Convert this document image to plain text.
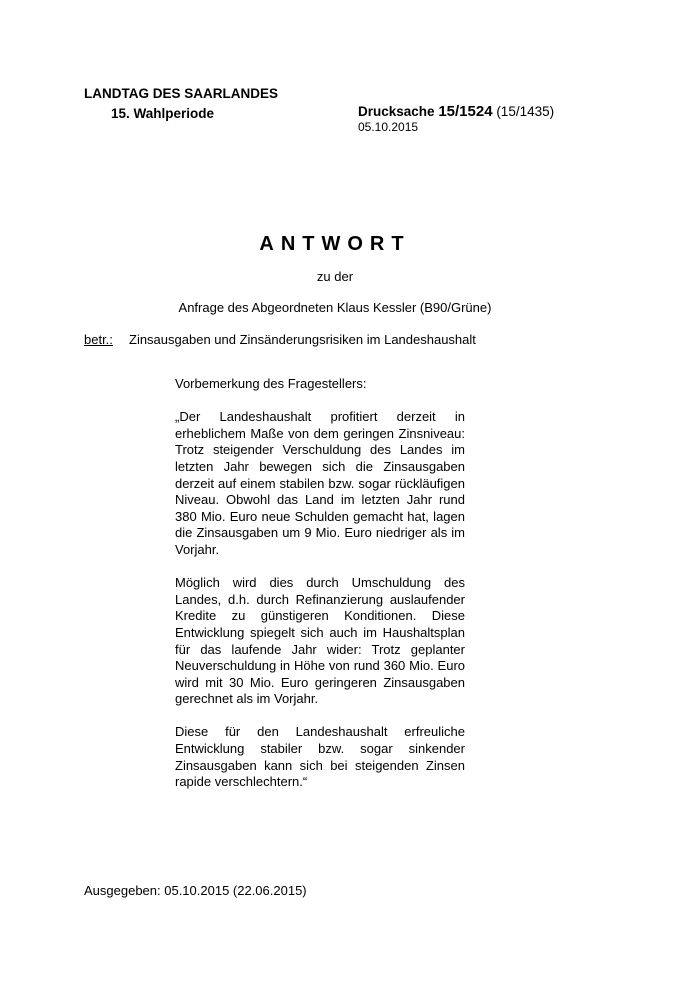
LANDTAG DES SAARLANDES
15. Wahlperiode	Drucksache 15/1524 (15/1435)
05.10.2015
ANTWORT
zu der
Anfrage des Abgeordneten Klaus Kessler (B90/Grüne)
betr.: Zinsausgaben und Zinsänderungsrisiken im Landeshaushalt

Vorbemerkung des Fragestellers:

„Der Landeshaushalt profitiert derzeit in erheblichem Maße von dem geringen Zinsniveau: Trotz steigender Verschuldung des Landes im letzten Jahr bewegen sich die Zinsausgaben derzeit auf einem stabilen bzw. sogar rückläufigen Niveau. Obwohl das Land im letzten Jahr rund 380 Mio. Euro neue Schulden gemacht hat, lagen die Zinsausgaben um 9 Mio. Euro niedriger als im Vorjahr.

Möglich wird dies durch Umschuldung des Landes, d.h. durch Refinanzierung auslaufender Kredite zu günstigeren Konditionen. Diese Entwicklung spiegelt sich auch im Haushaltsplan für das laufende Jahr wider: Trotz geplanter Neuverschuldung in Höhe von rund 360 Mio. Euro wird mit 30 Mio. Euro geringeren Zinsausgaben gerechnet als im Vorjahr.

Diese für den Landeshaushalt erfreuliche Entwicklung stabiler bzw. sogar sinkender Zinsausgaben kann sich bei steigenden Zinsen rapide verschlechtern.“

Ausgegeben: 05.10.2015 (22.06.2015)
